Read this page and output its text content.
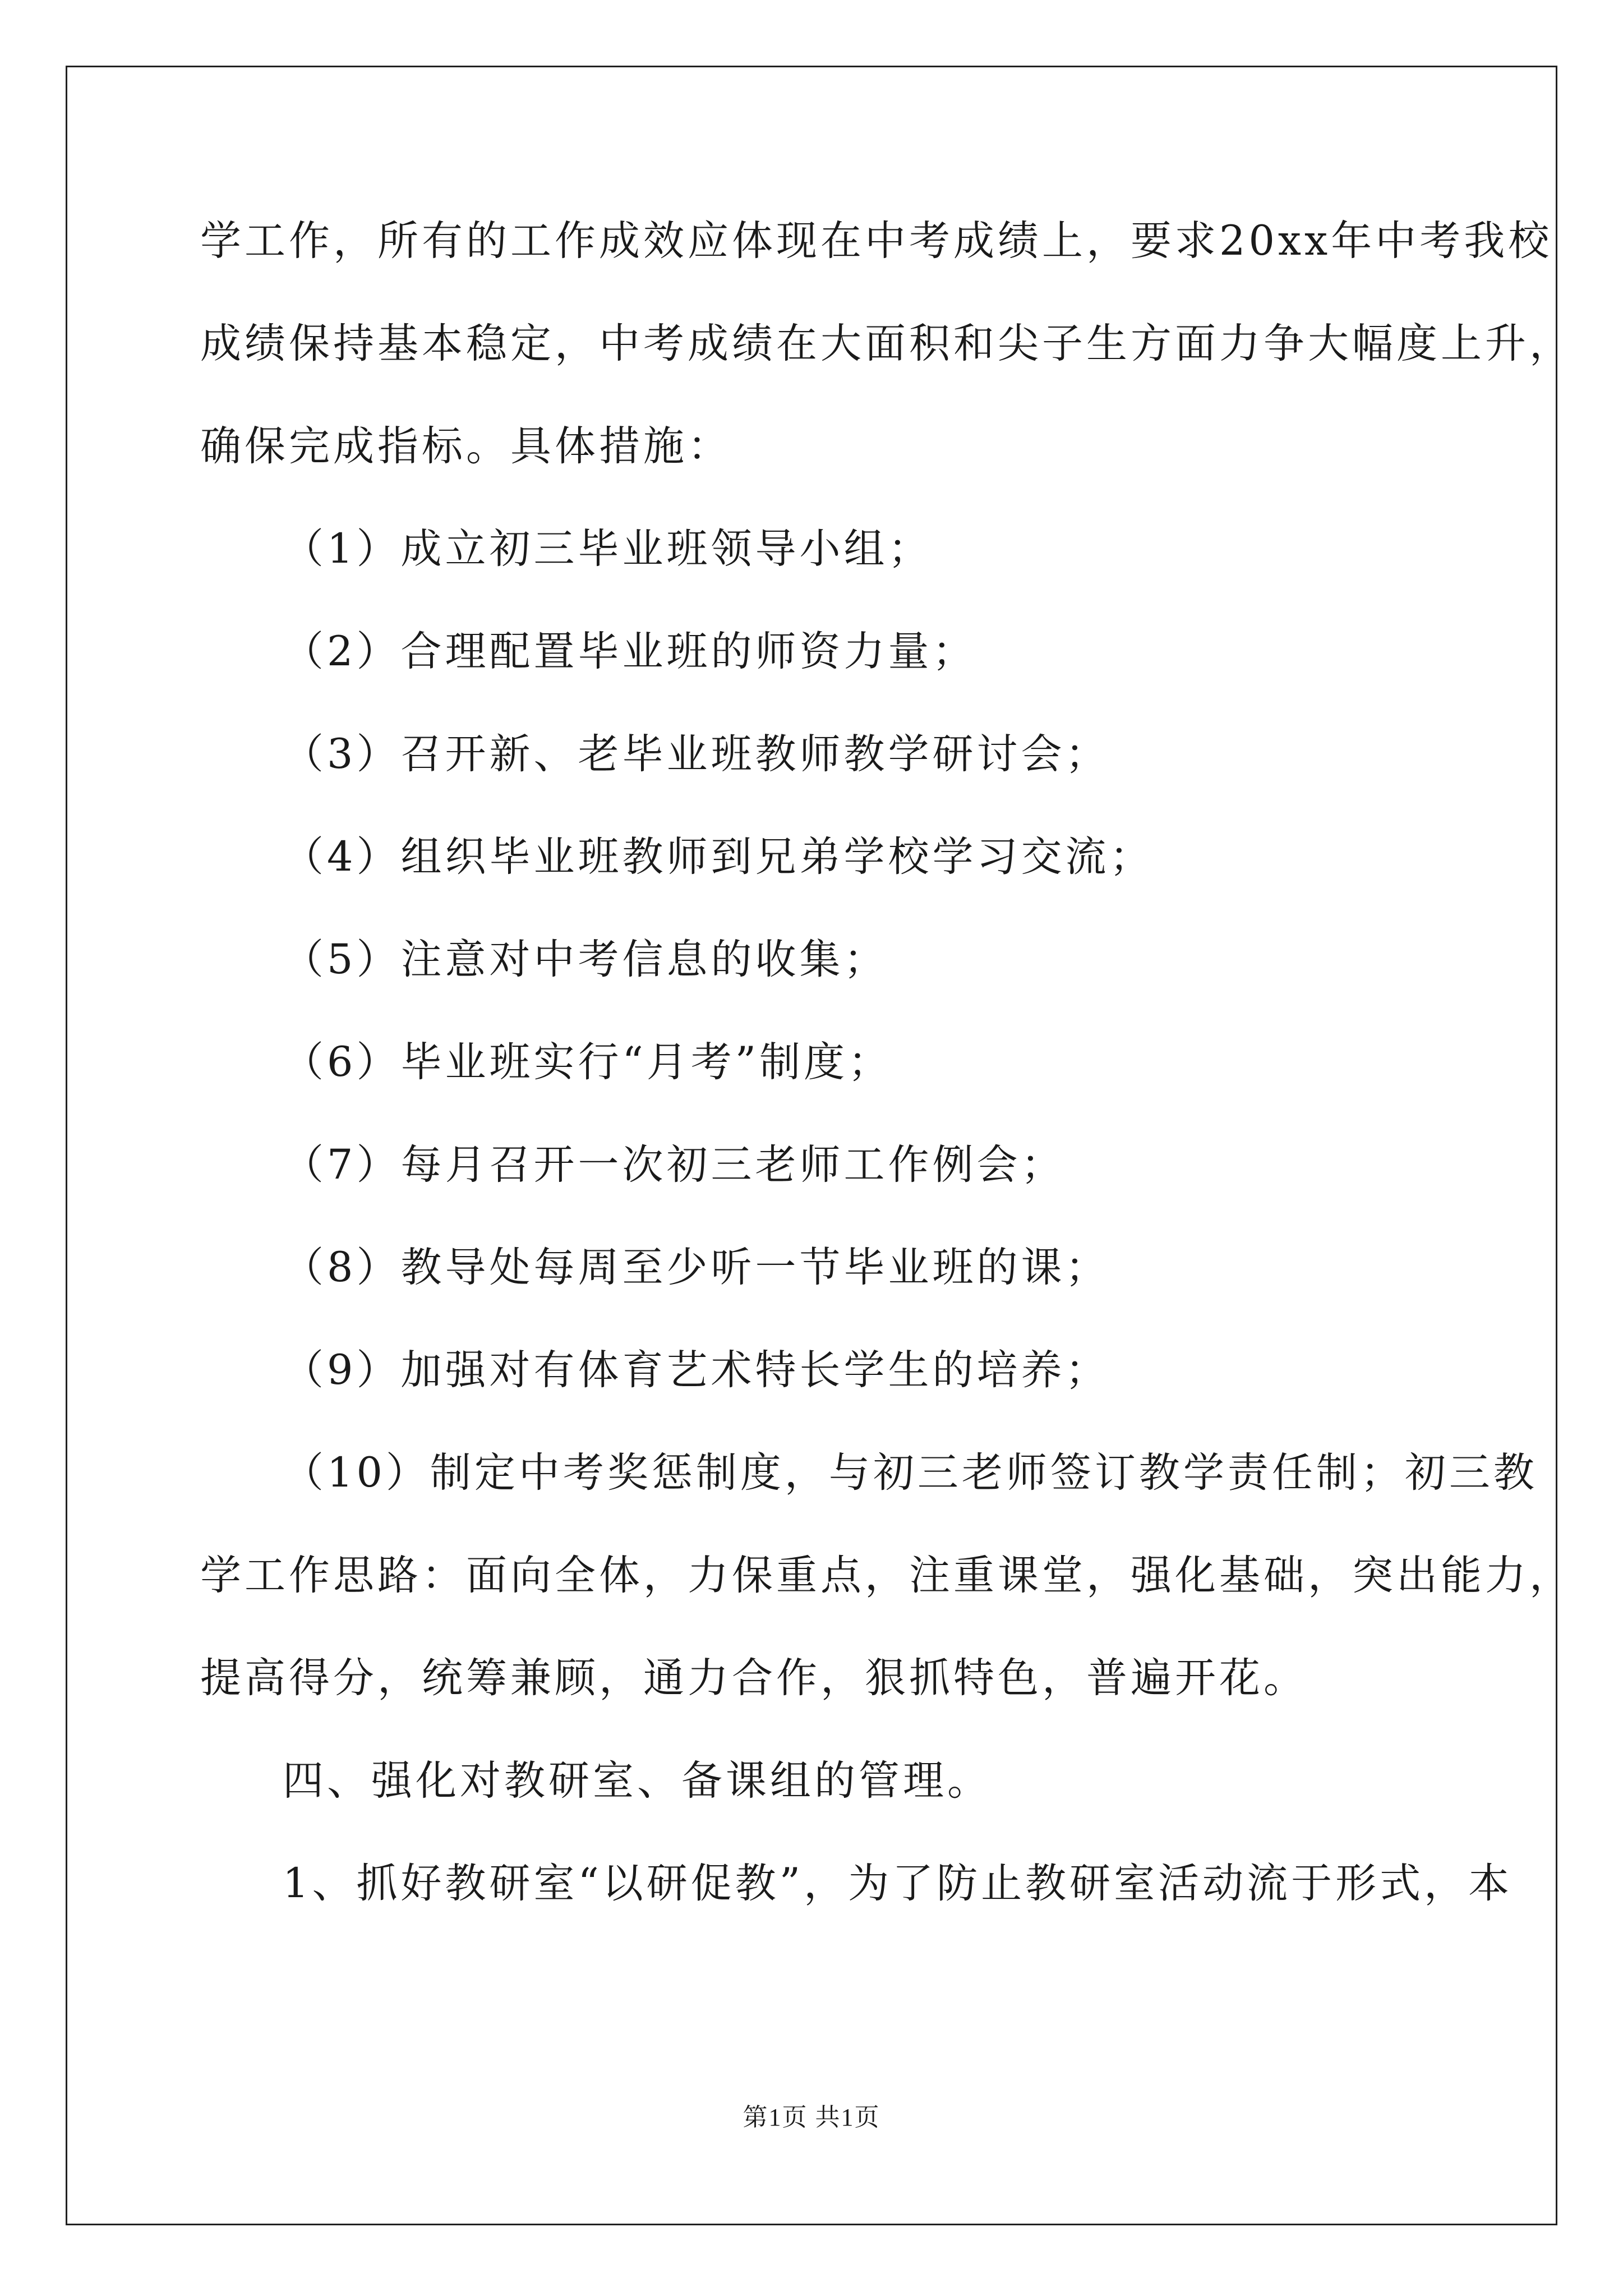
学工作，所有的工作成效应体现在中考成绩上，要求20xx年中考我校
成绩保持基本稳定，中考成绩在大面积和尖子生方面力争大幅度上升，
确保完成指标。具体措施：
（1）成立初三毕业班领导小组；
（2）合理配置毕业班的师资力量；
（3）召开新、老毕业班教师教学研讨会；
（4）组织毕业班教师到兄弟学校学习交流；
（5）注意对中考信息的收集；
（6）毕业班实行“月考”制度；
（7）每月召开一次初三老师工作例会；
（8）教导处每周至少听一节毕业班的课；
（9）加强对有体育艺术特长学生的培养；
（10）制定中考奖惩制度，与初三老师签订教学责任制；初三教
学工作思路：面向全体，力保重点，注重课堂，强化基础，突出能力，
提高得分，统筹兼顾，通力合作，狠抓特色，普遍开花。
四、强化对教研室、备课组的管理。
1、抓好教研室“以研促教”，为了防止教研室活动流于形式，本
第1页 共1页
